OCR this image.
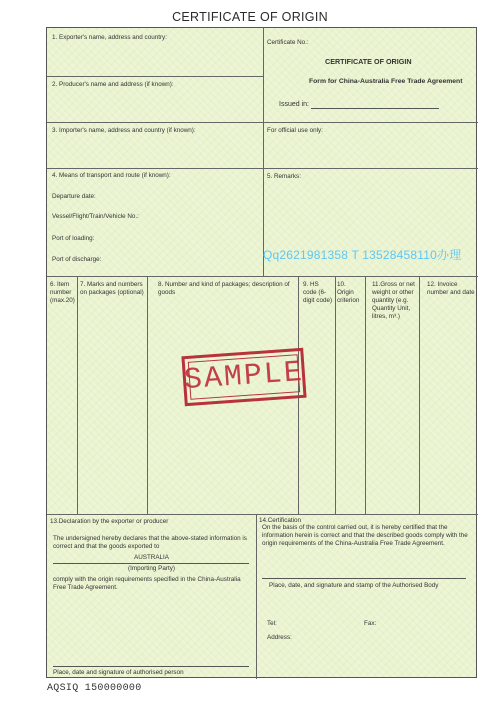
CERTIFICATE OF ORIGIN
1. Exporter's name, address and country:
2. Producer's name and address (if known):
3. Importer's name, address and country (if known):
4. Means of transport and route (if known):
Departure date:
Vessel/Flight/Train/Vehicle No.:
Port of loading:
Port of discharge:
Certificate No.:
CERTIFICATE OF ORIGIN
Form for China-Australia Free Trade Agreement
Issued in:
For official use only:
5. Remarks:
6. Item number (max.20)
7. Marks and numbers on packages (optional)
8. Number and kind of packages; description of goods
9. HS code (6-digit code)
10. Origin criterion
11.Gross or net weight or other quantity (e.g. Quantity Unit, litres, m³.)
12. Invoice number and date
13.Declaration by the exporter or producer
The undersigned hereby declares that the above-stated information is correct and that the goods exported to
AUSTRALIA
(Importing Party)
comply with the origin requirements specified in the China-Australia Free Trade Agreement.
Place, date and signature of authorised person
14.Certification
On the basis of the control carried out, it is hereby certified that the information herein is correct and that the described goods comply with the origin requirements of the China-Australia Free Trade Agreement.
Place, date, and signature and stamp of the Authorised Body
Tel:	Fax:
Address:
Qq2621981358 T 13528458110办理
SAMPLE
AQSIQ 150000000
